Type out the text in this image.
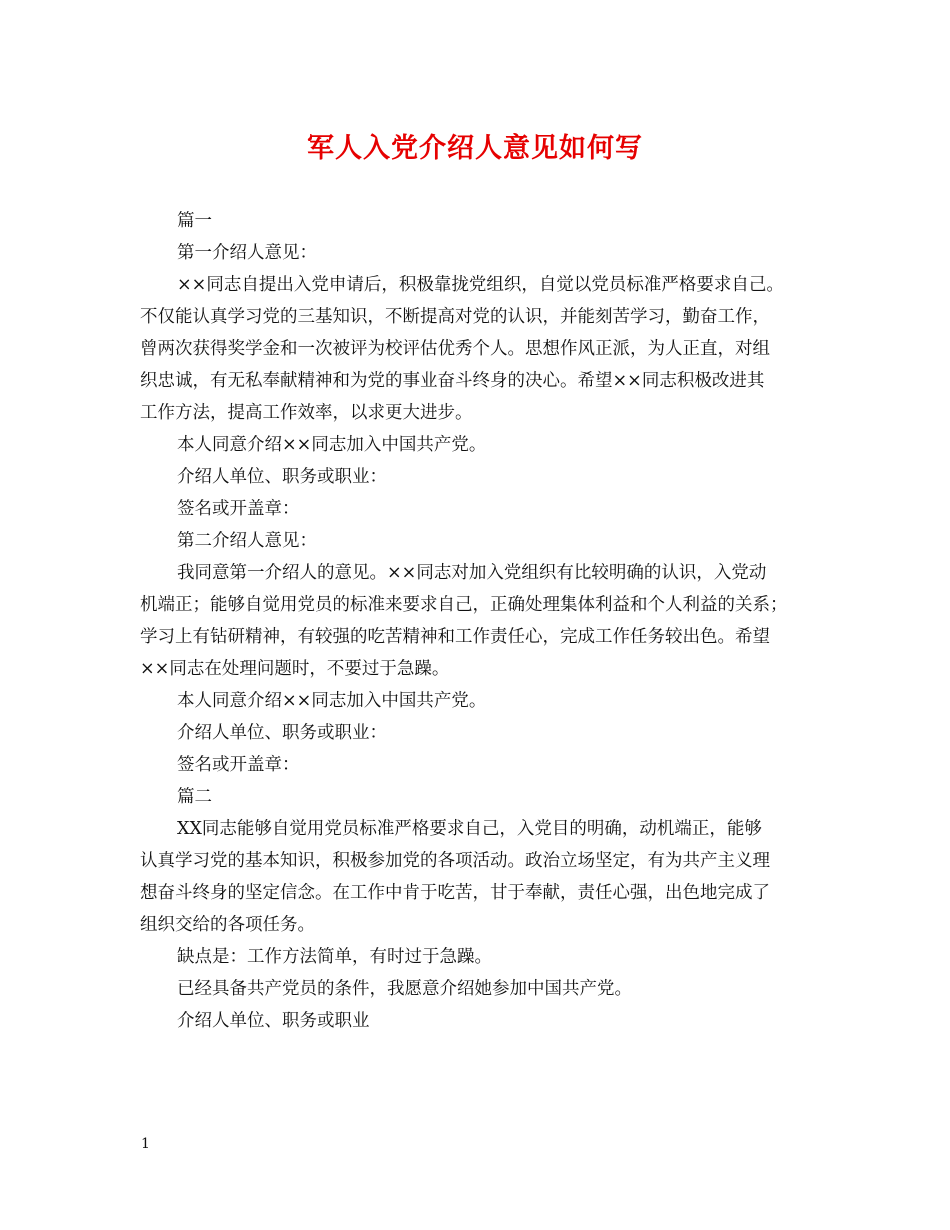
军人入党介绍人意见如何写

篇一

第一介绍人意见：

××同志自提出入党申请后，积极靠拢党组织，自觉以党员标准严格要求自己。
不仅能认真学习党的三基知识，不断提高对党的认识，并能刻苦学习，勤奋工作，
曾两次获得奖学金和一次被评为校评估优秀个人。思想作风正派，为人正直，对组
织忠诚，有无私奉献精神和为党的事业奋斗终身的决心。希望××同志积极改进其
工作方法，提高工作效率，以求更大进步。

本人同意介绍××同志加入中国共产党。

介绍人单位、职务或职业：

签名或开盖章：

第二介绍人意见：

我同意第一介绍人的意见。××同志对加入党组织有比较明确的认识，入党动
机端正；能够自觉用党员的标准来要求自己，正确处理集体利益和个人利益的关系；
学习上有钻研精神，有较强的吃苦精神和工作责任心，完成工作任务较出色。希望
××同志在处理问题时，不要过于急躁。

本人同意介绍××同志加入中国共产党。

介绍人单位、职务或职业：

签名或开盖章：

篇二

XX同志能够自觉用党员标准严格要求自己，入党目的明确，动机端正，能够
认真学习党的基本知识，积极参加党的各项活动。政治立场坚定，有为共产主义理
想奋斗终身的坚定信念。在工作中肯于吃苦，甘于奉献，责任心强，出色地完成了
组织交给的各项任务。

缺点是：工作方法简单，有时过于急躁。

已经具备共产党员的条件，我愿意介绍她参加中国共产党。

介绍人单位、职务或职业

1
